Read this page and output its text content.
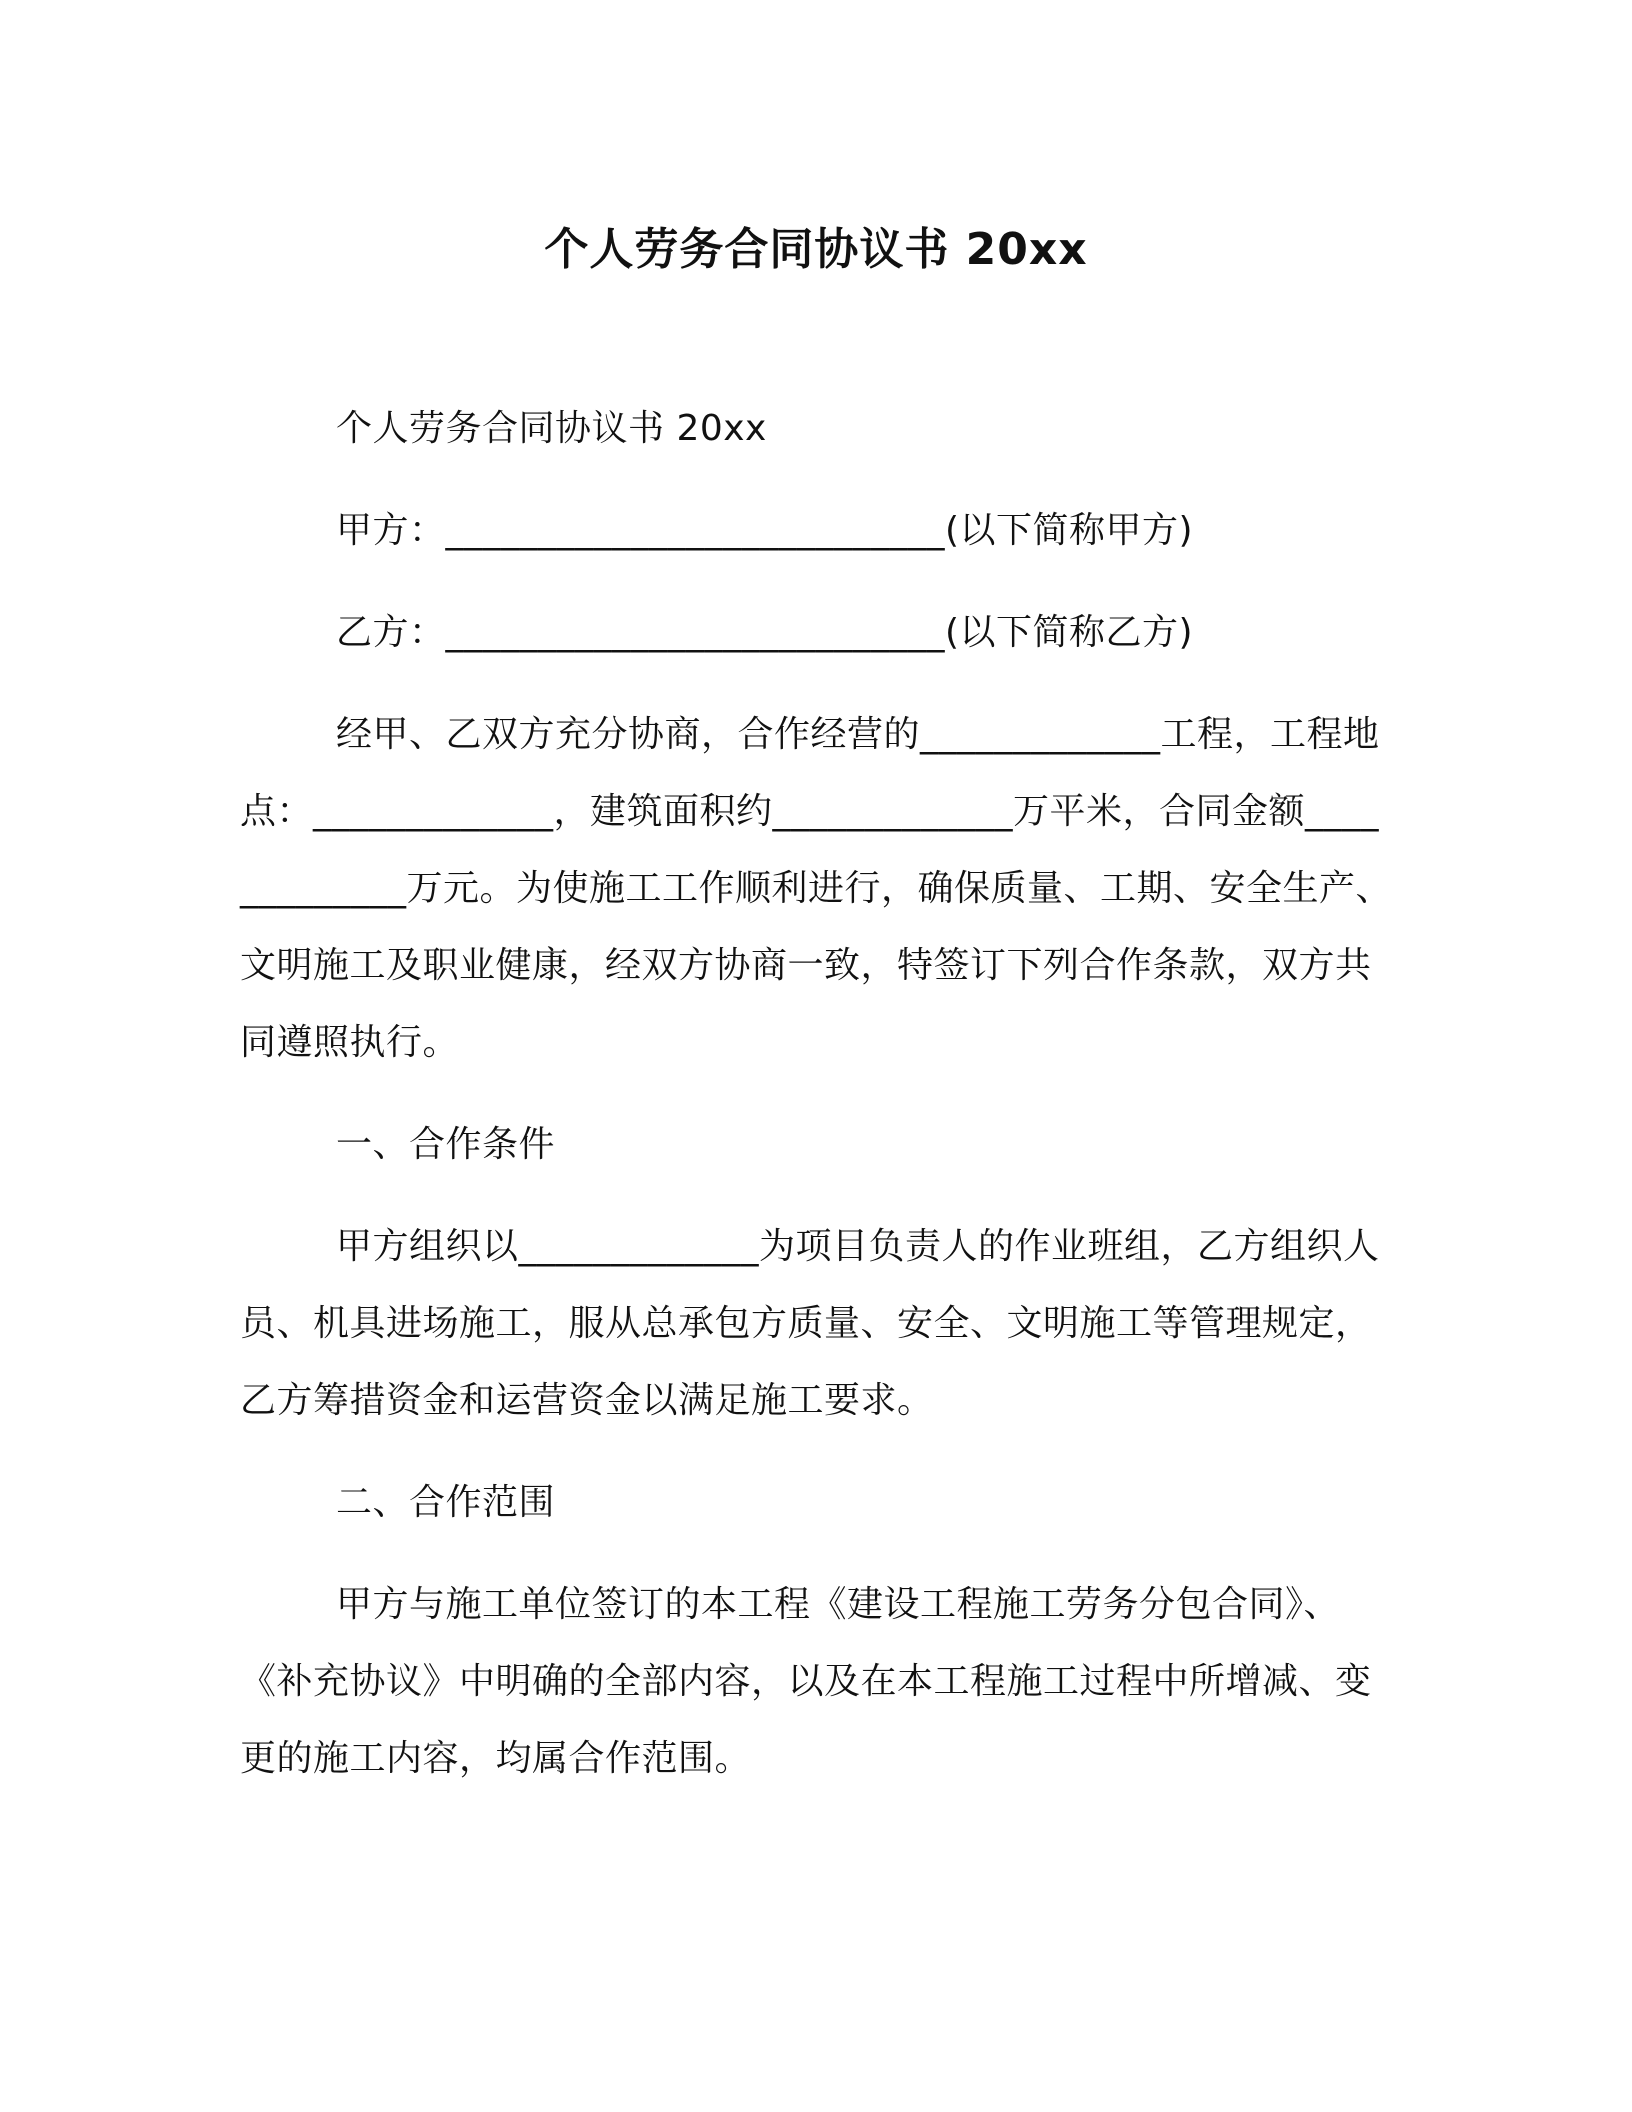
个人劳务合同协议书 20xx

个人劳务合同协议书 20xx

甲方：___________________________(以下简称甲方)

乙方：___________________________(以下简称乙方)

经甲、乙双方充分协商，合作经营的_____________工程，工程地点：_____________，建筑面积约_____________万平米，合同金额_____________万元。为使施工工作顺利进行，确保质量、工期、安全生产、文明施工及职业健康，经双方协商一致，特签订下列合作条款，双方共同遵照执行。

一、合作条件

甲方组织以_____________为项目负责人的作业班组，乙方组织人员、机具进场施工，服从总承包方质量、安全、文明施工等管理规定，乙方筹措资金和运营资金以满足施工要求。

二、合作范围

甲方与施工单位签订的本工程《建设工程施工劳务分包合同》、《补充协议》中明确的全部内容，以及在本工程施工过程中所增减、变更的施工内容，均属合作范围。
